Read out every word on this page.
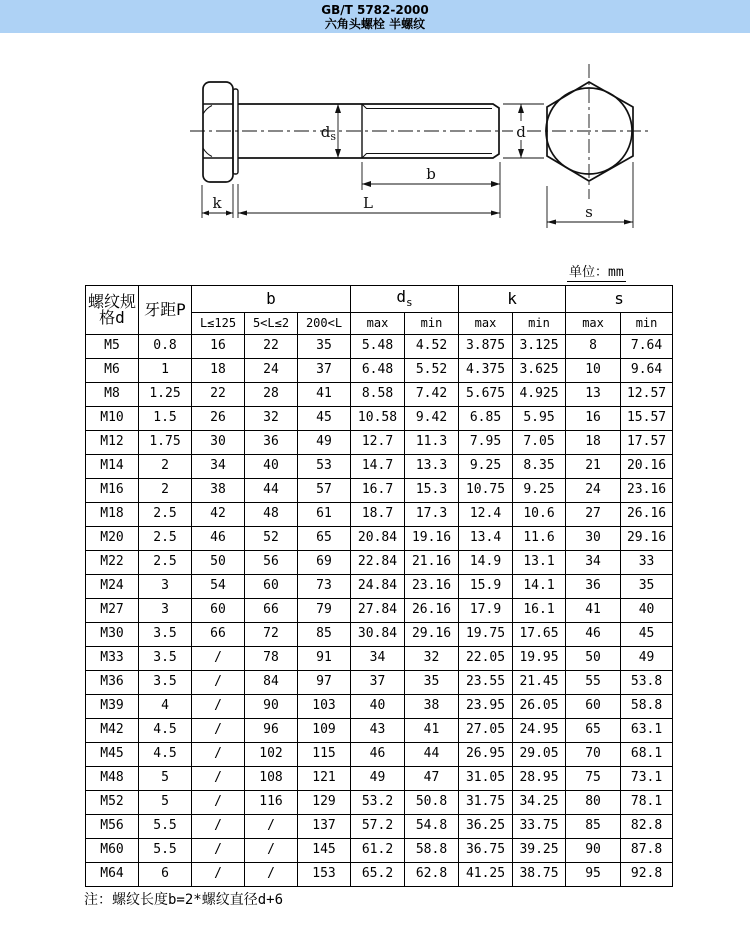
GB/T 5782-2000
六角头螺栓 半螺纹
$d_s$	d
b
k	L	s
单位：mm
螺纹规
格d	牙距P	b			$d_s$		k		s	
		L≤125	5<L≤2	200<L	max	min	max	min	max	min
M5	0.8	16	22	35	5.48	4.52	3.875	3.125	8	7.64
M6	1	18	24	37	6.48	5.52	4.375	3.625	10	9.64
M8	1.25	22	28	41	8.58	7.42	5.675	4.925	13	12.57
M10	1.5	26	32	45	10.58	9.42	6.85	5.95	16	15.57
M12	1.75	30	36	49	12.7	11.3	7.95	7.05	18	17.57
M14	2	34	40	53	14.7	13.3	9.25	8.35	21	20.16
M16	2	38	44	57	16.7	15.3	10.75	9.25	24	23.16
M18	2.5	42	48	61	18.7	17.3	12.4	10.6	27	26.16
M20	2.5	46	52	65	20.84	19.16	13.4	11.6	30	29.16
M22	2.5	50	56	69	22.84	21.16	14.9	13.1	34	33
M24	3	54	60	73	24.84	23.16	15.9	14.1	36	35
M27	3	60	66	79	27.84	26.16	17.9	16.1	41	40
M30	3.5	66	72	85	30.84	29.16	19.75	17.65	46	45
M33	3.5	/	78	91	34	32	22.05	19.95	50	49
M36	3.5	/	84	97	37	35	23.55	21.45	55	53.8
M39	4	/	90	103	40	38	23.95	26.05	60	58.8
M42	4.5	/	96	109	43	41	27.05	24.95	65	63.1
M45	4.5	/	102	115	46	44	26.95	29.05	70	68.1
M48	5	/	108	121	49	47	31.05	28.95	75	73.1
M52	5	/	116	129	53.2	50.8	31.75	34.25	80	78.1
M56	5.5	/	/	137	57.2	54.8	36.25	33.75	85	82.8
M60	5.5	/	/	145	61.2	58.8	36.75	39.25	90	87.8
M64	6	/	/	153	65.2	62.8	41.25	38.75	95	92.8
注：螺纹长度b=2*螺纹直径d+6
